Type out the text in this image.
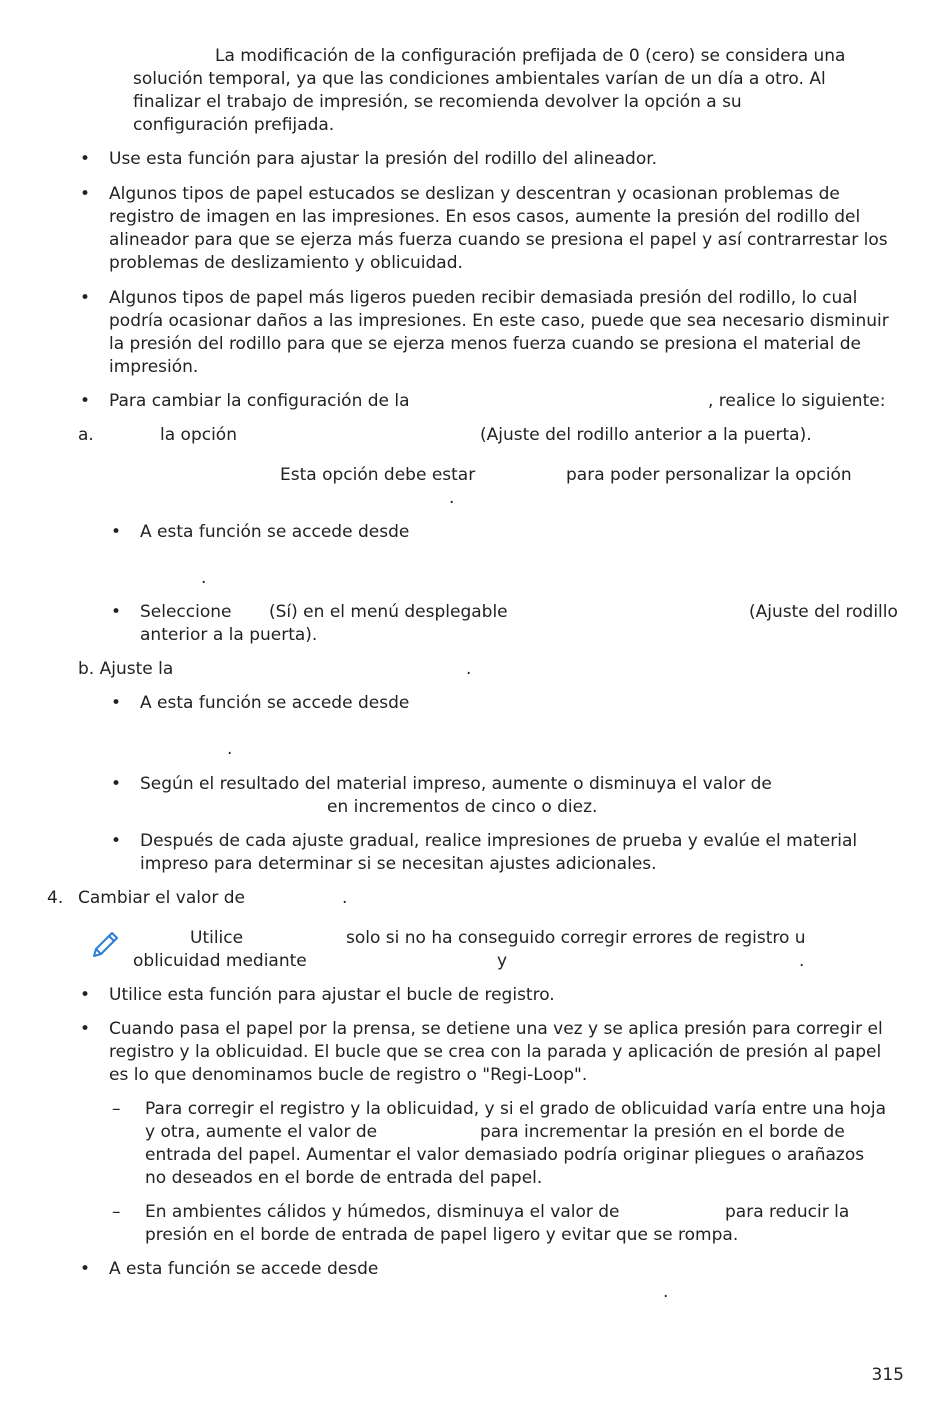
La modificación de la configuración prefijada de 0 (cero) se considera una
solución temporal, ya que las condiciones ambientales varían de un día a otro. Al
finalizar el trabajo de impresión, se recomienda devolver la opción a su
configuración prefijada.
• Use esta función para ajustar la presión del rodillo del alineador.
• Algunos tipos de papel estucados se deslizan y descentran y ocasionan problemas de
registro de imagen en las impresiones. En esos casos, aumente la presión del rodillo del
alineador para que se ejerza más fuerza cuando se presiona el papel y así contrarrestar los
problemas de deslizamiento y oblicuidad.
• Algunos tipos de papel más ligeros pueden recibir demasiada presión del rodillo, lo cual
podría ocasionar daños a las impresiones. En este caso, puede que sea necesario disminuir
la presión del rodillo para que se ejerza menos fuerza cuando se presiona el material de
impresión.
• Para cambiar la configuración de la	, realice lo siguiente:
a.	la opción	(Ajuste del rodillo anterior a la puerta).
Esta opción debe estar	para poder personalizar la opción
.
• A esta función se accede desde
.
• Seleccione (Sí) en el menú desplegable	(Ajuste del rodillo
anterior a la puerta).
b. Ajuste la	.
• A esta función se accede desde
.
• Según el resultado del material impreso, aumente o disminuya el valor de
en incrementos de cinco o diez.
• Después de cada ajuste gradual, realice impresiones de prueba y evalúe el material
impreso para determinar si se necesitan ajustes adicionales.
4. Cambiar el valor de	.
Utilice	solo si no ha conseguido corregir errores de registro u
oblicuidad mediante	y	.
• Utilice esta función para ajustar el bucle de registro.
• Cuando pasa el papel por la prensa, se detiene una vez y se aplica presión para corregir el
registro y la oblicuidad. El bucle que se crea con la parada y aplicación de presión al papel
es lo que denominamos bucle de registro o "Regi-Loop".
– Para corregir el registro y la oblicuidad, y si el grado de oblicuidad varía entre una hoja
y otra, aumente el valor de	para incrementar la presión en el borde de
entrada del papel. Aumentar el valor demasiado podría originar pliegues o arañazos
no deseados en el borde de entrada del papel.
– En ambientes cálidos y húmedos, disminuya el valor de	para reducir la
presión en el borde de entrada de papel ligero y evitar que se rompa.
• A esta función se accede desde
.
315
